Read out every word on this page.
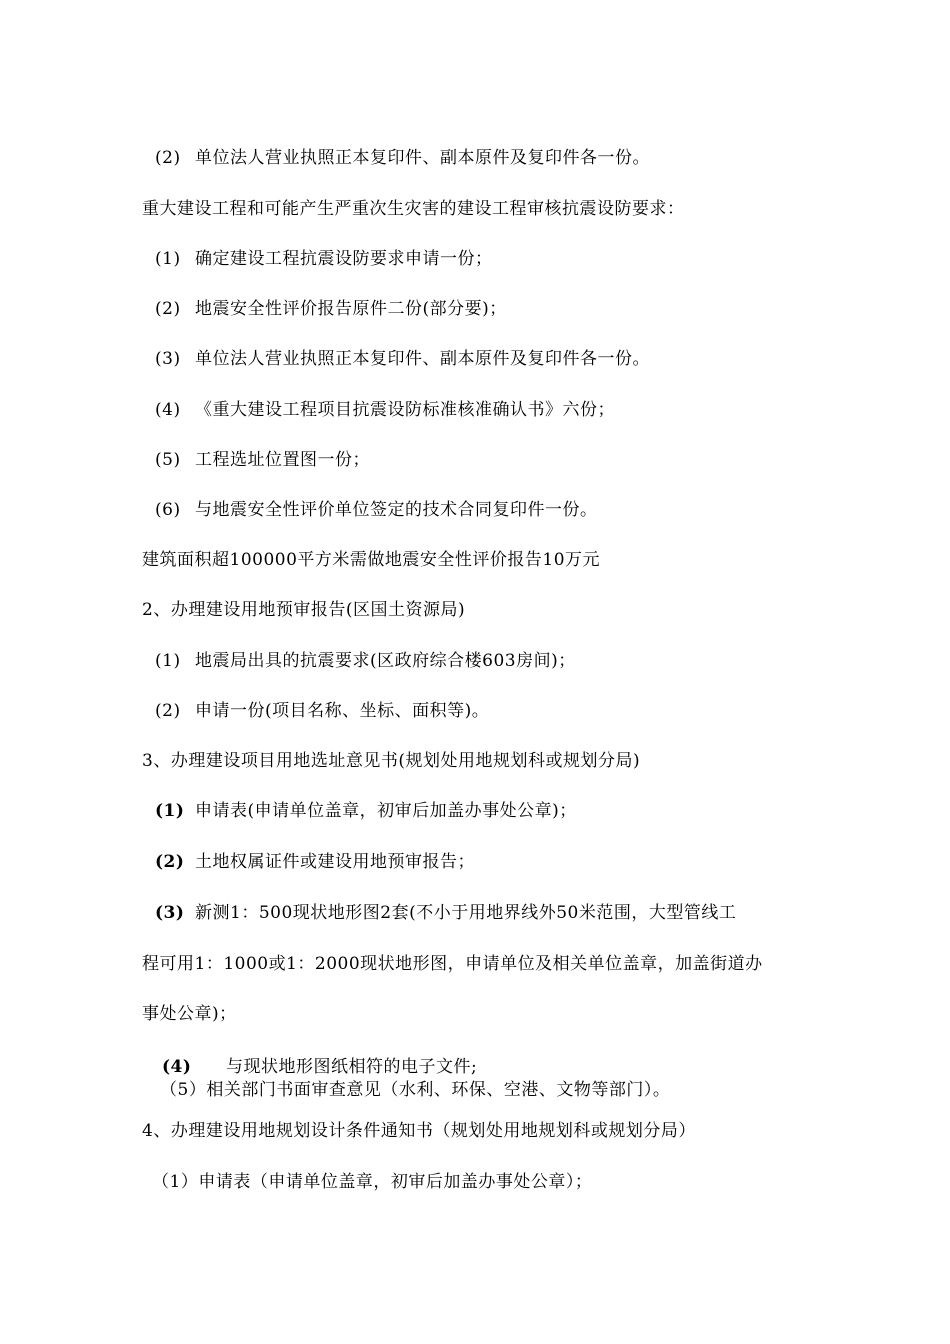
(2) 单位法人营业执照正本复印件、副本原件及复印件各一份。
重大建设工程和可能产生严重次生灾害的建设工程审核抗震设防要求：
(1) 确定建设工程抗震设防要求申请一份；
(2) 地震安全性评价报告原件二份(部分要)；
(3) 单位法人营业执照正本复印件、副本原件及复印件各一份。
(4) 《重大建设工程项目抗震设防标准核准确认书》六份；
(5) 工程选址位置图一份；
(6) 与地震安全性评价单位签定的技术合同复印件一份。
建筑面积超100000平方米需做地震安全性评价报告10万元
2、办理建设用地预审报告(区国土资源局)
(1) 地震局出具的抗震要求(区政府综合楼603房间)；
(2) 申请一份(项目名称、坐标、面积等)。
3、办理建设项目用地选址意见书(规划处用地规划科或规划分局)
(1) 申请表(申请单位盖章，初审后加盖办事处公章)；
(2) 土地权属证件或建设用地预审报告；
(3) 新测1：500现状地形图2套(不小于用地界线外50米范围，大型管线工
程可用1：1000或1：2000现状地形图，申请单位及相关单位盖章，加盖街道办
事处公章)；
(4) 与现状地形图纸相符的电子文件;
（5）相关部门书面审查意见（水利、环保、空港、文物等部门）。
4、办理建设用地规划设计条件通知书（规划处用地规划科或规划分局）
（1）申请表（申请单位盖章，初审后加盖办事处公章）；
